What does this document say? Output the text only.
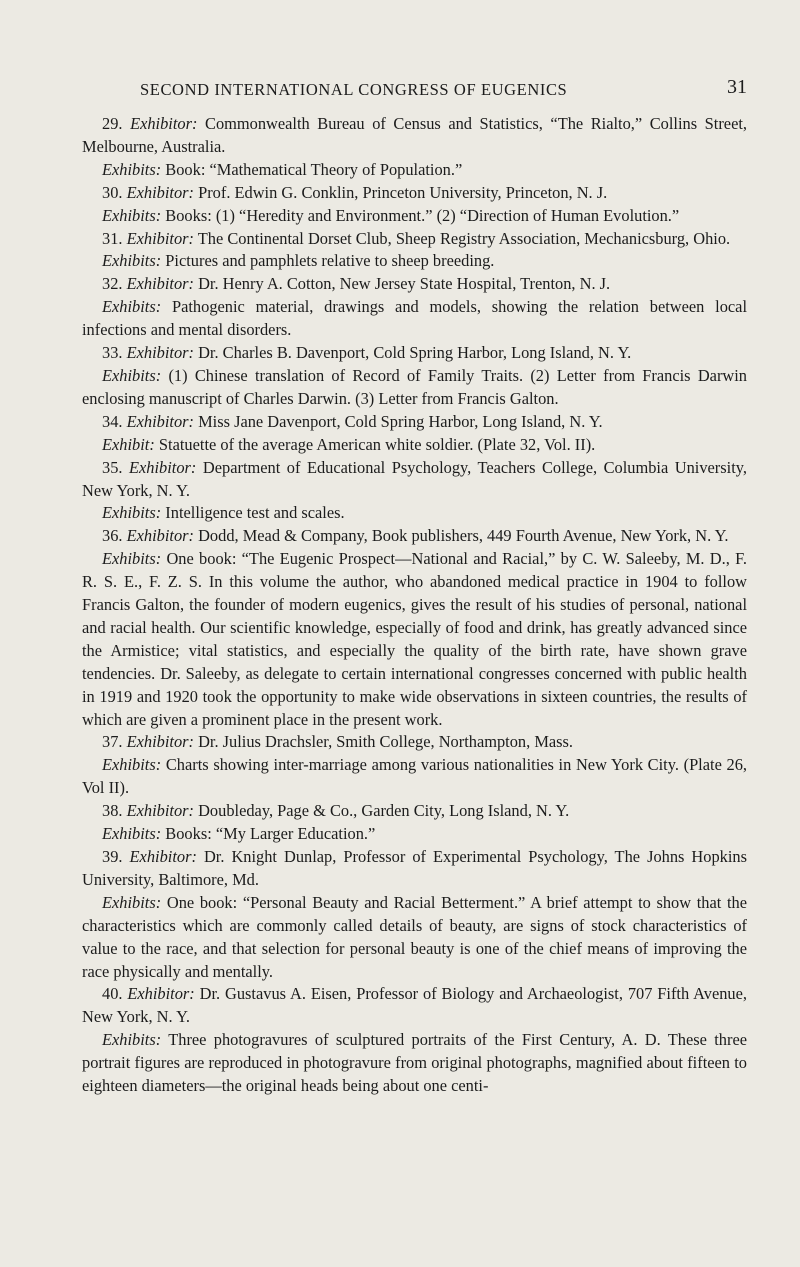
SECOND INTERNATIONAL CONGRESS OF EUGENICS	31

29. Exhibitor: Commonwealth Bureau of Census and Statistics, “The Rialto,” Collins Street, Melbourne, Australia.

Exhibits: Book: “Mathematical Theory of Population.”

30. Exhibitor: Prof. Edwin G. Conklin, Princeton University, Princeton, N. J.

Exhibits: Books: (1) “Heredity and Environment.” (2) “Direction of Human Evolution.”

31. Exhibitor: The Continental Dorset Club, Sheep Registry Association, Mechanicsburg, Ohio.

Exhibits: Pictures and pamphlets relative to sheep breeding.

32. Exhibitor: Dr. Henry A. Cotton, New Jersey State Hospital, Trenton, N. J.

Exhibits: Pathogenic material, drawings and models, showing the relation between local infections and mental disorders.

33. Exhibitor: Dr. Charles B. Davenport, Cold Spring Harbor, Long Island, N. Y.

Exhibits: (1) Chinese translation of Record of Family Traits. (2) Letter from Francis Darwin enclosing manuscript of Charles Darwin. (3) Letter from Francis Galton.

34. Exhibitor: Miss Jane Davenport, Cold Spring Harbor, Long Island, N. Y.

Exhibit: Statuette of the average American white soldier. (Plate 32, Vol. II).

35. Exhibitor: Department of Educational Psychology, Teachers College, Columbia University, New York, N. Y.

Exhibits: Intelligence test and scales.

36. Exhibitor: Dodd, Mead & Company, Book publishers, 449 Fourth Avenue, New York, N. Y.

Exhibits: One book: “The Eugenic Prospect—National and Racial,” by C. W. Saleeby, M. D., F. R. S. E., F. Z. S. In this volume the author, who abandoned medical practice in 1904 to follow Francis Galton, the founder of modern eugenics, gives the result of his studies of personal, national and racial health. Our scientific knowledge, especially of food and drink, has greatly advanced since the Armistice; vital statistics, and especially the quality of the birth rate, have shown grave tendencies. Dr. Saleeby, as delegate to certain international congresses concerned with public health in 1919 and 1920 took the opportunity to make wide observations in sixteen countries, the results of which are given a prominent place in the present work.

37. Exhibitor: Dr. Julius Drachsler, Smith College, Northampton, Mass.

Exhibits: Charts showing inter-marriage among various nationalities in New York City. (Plate 26, Vol II).

38. Exhibitor: Doubleday, Page & Co., Garden City, Long Island, N. Y.

Exhibits: Books: “My Larger Education.”

39. Exhibitor: Dr. Knight Dunlap, Professor of Experimental Psychology, The Johns Hopkins University, Baltimore, Md.

Exhibits: One book: “Personal Beauty and Racial Betterment.” A brief attempt to show that the characteristics which are commonly called details of beauty, are signs of stock characteristics of value to the race, and that selection for personal beauty is one of the chief means of improving the race physically and mentally.

40. Exhibitor: Dr. Gustavus A. Eisen, Professor of Biology and Archaeologist, 707 Fifth Avenue, New York, N. Y.

Exhibits: Three photogravures of sculptured portraits of the First Century, A. D. These three portrait figures are reproduced in photogravure from original photographs, magnified about fifteen to eighteen diameters—the original heads being about one centi-
